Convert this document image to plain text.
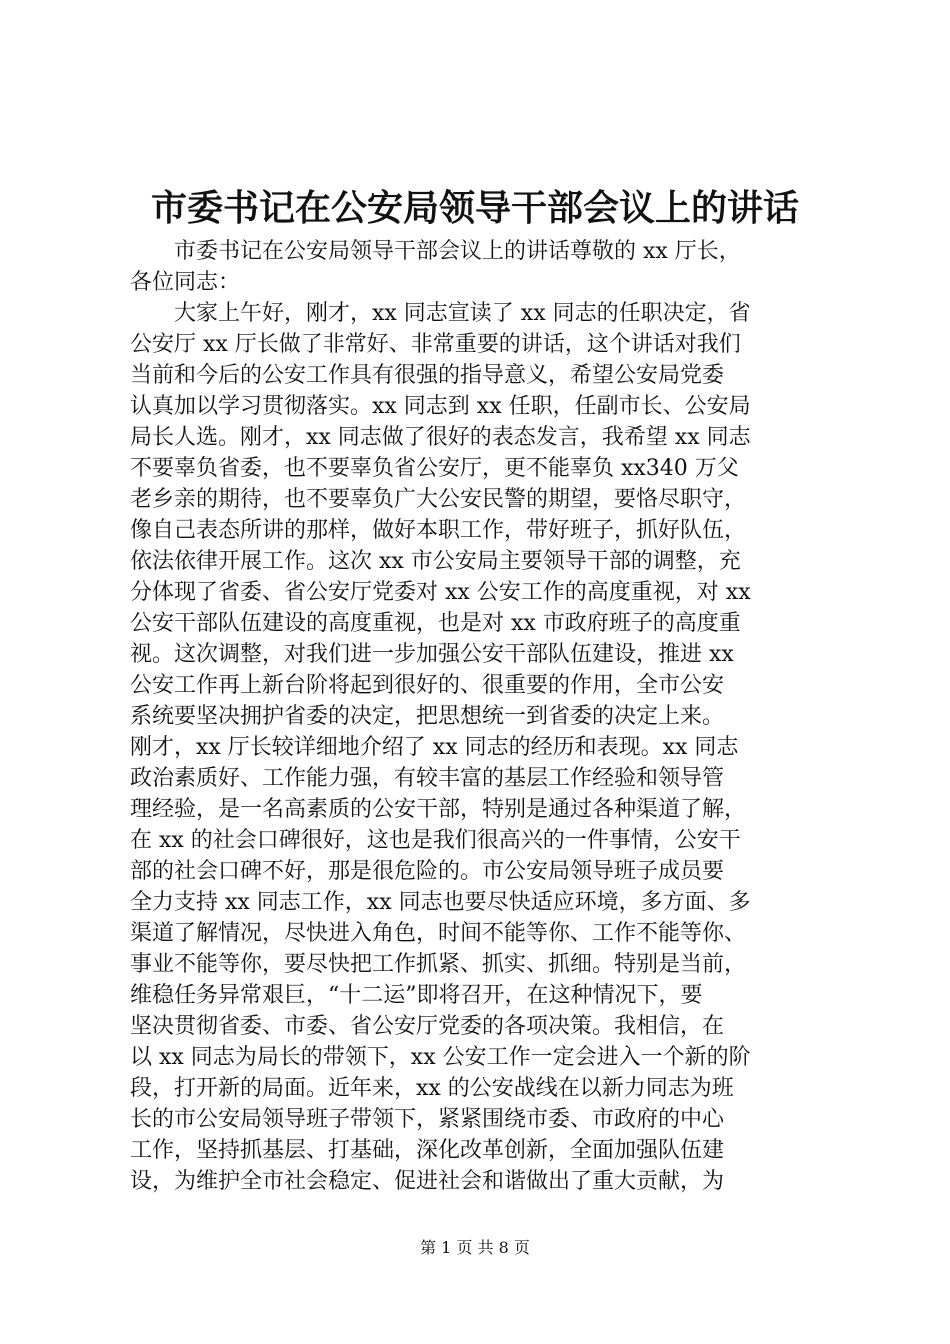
市委书记在公安局领导干部会议上的讲话
　　市委书记在公安局领导干部会议上的讲话尊敬的 xx 厅长，
各位同志：
　　大家上午好，刚才，xx 同志宣读了 xx 同志的任职决定，省
公安厅 xx 厅长做了非常好、非常重要的讲话，这个讲话对我们
当前和今后的公安工作具有很强的指导意义，希望公安局党委
认真加以学习贯彻落实。xx 同志到 xx 任职，任副市长、公安局
局长人选。刚才，xx 同志做了很好的表态发言，我希望 xx 同志
不要辜负省委，也不要辜负省公安厅，更不能辜负 xx340 万父
老乡亲的期待，也不要辜负广大公安民警的期望，要恪尽职守，
像自己表态所讲的那样，做好本职工作，带好班子，抓好队伍，
依法依律开展工作。这次 xx 市公安局主要领导干部的调整，充
分体现了省委、省公安厅党委对 xx 公安工作的高度重视，对 xx
公安干部队伍建设的高度重视，也是对 xx 市政府班子的高度重
视。这次调整，对我们进一步加强公安干部队伍建设，推进 xx
公安工作再上新台阶将起到很好的、很重要的作用，全市公安
系统要坚决拥护省委的决定，把思想统一到省委的决定上来。
刚才，xx 厅长较详细地介绍了 xx 同志的经历和表现。xx 同志
政治素质好、工作能力强，有较丰富的基层工作经验和领导管
理经验，是一名高素质的公安干部，特别是通过各种渠道了解，
在 xx 的社会口碑很好，这也是我们很高兴的一件事情，公安干
部的社会口碑不好，那是很危险的。市公安局领导班子成员要
全力支持 xx 同志工作，xx 同志也要尽快适应环境，多方面、多
渠道了解情况，尽快进入角色，时间不能等你、工作不能等你、
事业不能等你，要尽快把工作抓紧、抓实、抓细。特别是当前，
维稳任务异常艰巨，“十二运”即将召开，在这种情况下，要
坚决贯彻省委、市委、省公安厅党委的各项决策。我相信，在
以 xx 同志为局长的带领下，xx 公安工作一定会进入一个新的阶
段，打开新的局面。近年来，xx 的公安战线在以新力同志为班
长的市公安局领导班子带领下，紧紧围绕市委、市政府的中心
工作，坚持抓基层、打基础，深化改革创新，全面加强队伍建
设，为维护全市社会稳定、促进社会和谐做出了重大贡献，为
第 1 页 共 8 页
